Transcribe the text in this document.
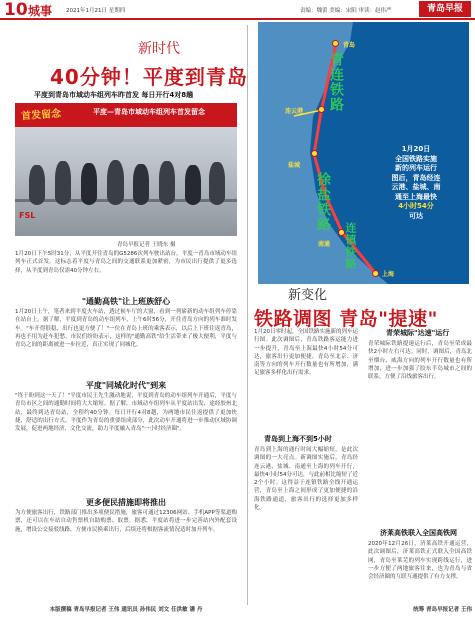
10 城事	2021年1月21日 星期四	责编：魏蕾 美编：宋阳 审读：赵伟严	青岛早报
新时代
40分钟！平度到青岛
平度到青岛市域动车组列车昨首发 每日开行4对8趟
首发留念	平度—青岛市域动车组列车首发留念
FSL
青岛早报记者 王晓东 摄
1月20日下午5时31分，从平度开往青岛的G5286次列车驶出站台，平度一青岛市域动车组列车正式首发。这标志着平度与青岛之间的交通联系更加紧密，为市民出行提供了更多选择，从平度到青岛仅需40分钟左右。
"通勤高铁"让上班族舒心
1月20日上午，笔者来到平度火车站，透过候车厅的大窗，看到一列崭新的动车组列车停靠在站台上。据了解，平度到青岛的动车组列车，上午6时56分，开往青岛方向的列车准时发车。"车开得很稳，出行也更方便了！"一位在青岛上班的乘客表示，以后上下班往返青岛，再也不用为赶车犯愁。市民们纷纷表示，这样的"通勤高铁"给生活带来了极大便利，平度与青岛之间的距离被进一步拉近，真正实现了同城化。
平度"同城化时代"到来
"终于盼到这一天了！"平度市民王先生激动地说，平度到青岛的动车组列车开通后，平度与青岛市区之间的通勤时间将大大缩短。据了解，市域动车组列车从平度站出发，途经胶州北站，最终到达青岛站，全程约40分钟。每日开行4对8趟，为两地市民往返提供了更加快捷、舒适的出行方式。平度作为青岛的重要组成部分，此次动车开通将进一步推动区域协调发展，促进两地经济、文化交流，助力平度融入青岛"一小时经济圈"。
更多便民措施即将推出
为方便旅客出行，铁路部门推出多项便民措施，旅客可通过12306网站、手机APP等渠道购票，还可以在车站自动售票机自助购票、取票。据悉，平度站将进一步完善站内外配套设施，增设公交接驳线路，方便市民换乘出行，后续还将根据客流情况适时加开列车。
本版撰稿 青岛早报记者 王伟 通讯员 孙伟民 刘文 任洪敏 潘 丹
青岛
连云港
盐城
南通
上海
青连铁路
徐盐铁路
连镇铁路
1月20日
全国铁路实施
新的列车运行
图后，青岛经连
云港、盐城、南
通至上海最快
4小时54分
可达
新变化
铁路调图 青岛"提速"
1月20日零时起，全国铁路实施新的列车运行图。此次调图后，青岛铁路客运能力进一步提升，青岛至上海最快4小时54分可达，旅客出行更加便捷。青岛至北京、济南等方向的列车开行数量也有所增加，满足旅客多样化出行需求。
青岛到上海不到5小时
青岛到上海的通行时间大幅缩短，是此次调图的一大亮点。新调图实施后，青岛经连云港、盐城、南通至上海的列车开行，最快4小时54分可达，与此前相比缩短了近2个小时。这得益于连镇铁路全线开通运营，青岛至上海之间形成了更加便捷的沿海铁路通道，旅客出行的选择更加多样化。
青荣城际"达速"运行
青荣城际铁路提速运行后，青岛至荣成最快2小时左右可达。同时，调图后，青岛北至烟台、威海方向的列车开行数量也有所增加，进一步加强了胶东半岛城市之间的联系，方便了沿线旅客出行。
济莱高铁联入全国高铁网
2020年12月26日，济莱高铁开通运营，此次调图后，济莱高铁正式联入全国高铁网，青岛至莱芜的列车实现跨线运行，进一步方便了两地旅客往来，也为青岛与省会经济圈的互联互通提供了有力支撑。
统筹 青岛早报记者 王伟
